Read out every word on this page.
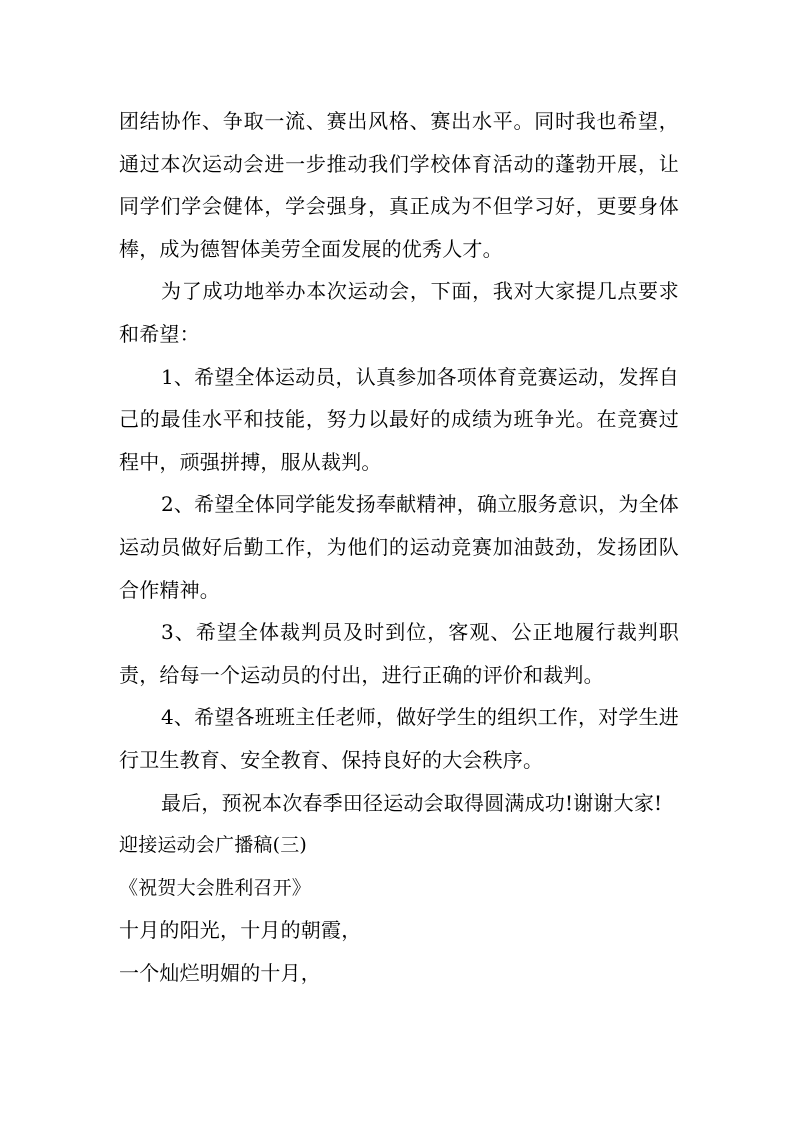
团结协作、争取一流、赛出风格、赛出水平。同时我也希望，通过本次运动会进一步推动我们学校体育活动的蓬勃开展，让同学们学会健体，学会强身，真正成为不但学习好，更要身体棒，成为德智体美劳全面发展的优秀人才。

为了成功地举办本次运动会，下面，我对大家提几点要求和希望：

1、希望全体运动员，认真参加各项体育竞赛运动，发挥自己的最佳水平和技能，努力以最好的成绩为班争光。在竞赛过程中，顽强拼搏，服从裁判。

2、希望全体同学能发扬奉献精神，确立服务意识，为全体运动员做好后勤工作，为他们的运动竞赛加油鼓劲，发扬团队合作精神。

3、希望全体裁判员及时到位，客观、公正地履行裁判职责，给每一个运动员的付出，进行正确的评价和裁判。

4、希望各班班主任老师，做好学生的组织工作，对学生进行卫生教育、安全教育、保持良好的大会秩序。

最后，预祝本次春季田径运动会取得圆满成功!谢谢大家!

迎接运动会广播稿(三)

《祝贺大会胜利召开》

十月的阳光，十月的朝霞，

一个灿烂明媚的十月，
